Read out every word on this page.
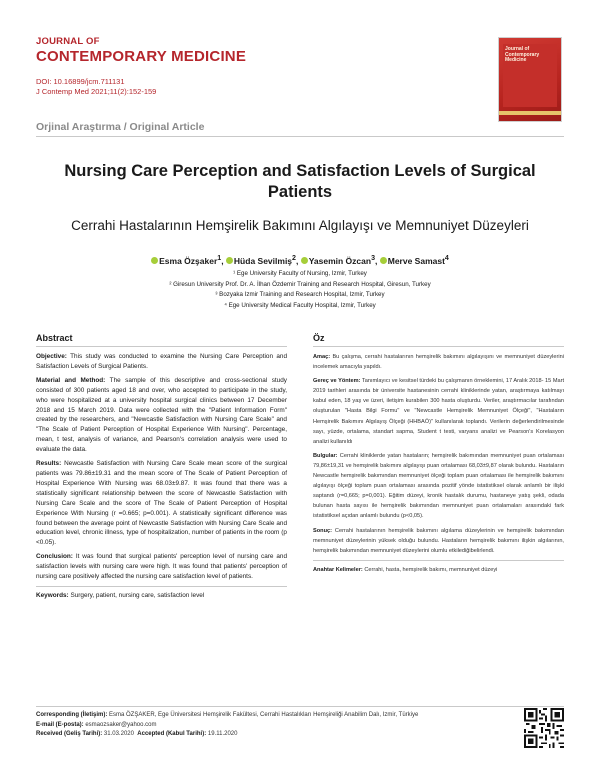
JOURNAL OF
CONTEMPORARY MEDICINE
DOI: 10.16899/jcm.711131
J Contemp Med 2021;11(2):152-159
Journal of
Contemporary
Medicine
Orjinal Araştırma / Original Article
Nursing Care Perception and Satisfaction Levels of Surgical Patients
Cerrahi Hastalarının Hemşirelik Bakımını Algılayışı ve Memnuniyet Düzeyleri
Esma Özşaker$^1$, Hüda Sevilmiş$^2$, Yasemin Özcan$^3$, Merve Samast$^4$
¹ Ege University Faculty of Nursing, Izmir, Turkey
² Giresun University Prof. Dr. A. İlhan Özdemir Training and Research Hospital, Giresun, Turkey
³ Bozyaka Izmir Training and Research Hospital, Izmir, Turkey
⁴ Ege University Medical Faculty Hospital, Izmir, Turkey
Abstract

Objective: This study was conducted to examine the Nursing Care Perception and Satisfaction Levels of Surgical Patients.

Material and Method: The sample of this descriptive and cross-sectional study consisted of 300 patients aged 18 and over, who accepted to participate in the study, who were hospitalized at a university hospital surgical clinics between 17 December 2018 and 15 March 2019. Data were collected with the "Patient Information Form" created by the researchers, and "Newcastle Satisfaction with Nursing Care Scale" and "The Scale of Patient Perception of Hospital Experience With Nursing". Percentage, mean, t test, analysis of variance, and Pearson's correlation analysis were used to evaluate the data.

Results: Newcastle Satisfaction with Nursing Care Scale mean score of the surgical patients was 79.86±19.31 and the mean score of The Scale of Patient Perception of Hospital Experience With Nursing was 68.03±9.87. It was found that there was a statistically significant relationship between the score of Newcastle Satisfaction with Nursing Care Scale and the score of The Scale of Patient Perception of Hospital Experience With Nursing (r =0.665; p=0.001). A statistically significant difference was found between the average point of Newcastle Satisfaction with Nursing Care Scale and education level, chronic illness, type of hospitalization, number of patients in the room (p <0.05).

Conclusion: It was found that surgical patients' perception level of nursing care and satisfaction levels with nursing care were high. It was found that patients' perception of nursing care positively affected the nursing care satisfaction level of patients.

Keywords: Surgery, patient, nursing care, satisfaction level

Öz

Amaç: Bu çalışma, cerrahi hastalarının hemşirelik bakımını algılayışını ve memnuniyet düzeylerini incelemek amacıyla yapıldı.

Gereç ve Yöntem: Tanımlayıcı ve kesitsel türdeki bu çalışmanın örneklemini, 17 Aralık 2018- 15 Mart 2019 tarihleri arasında bir üniversite hastanesinin cerrahi kliniklerinde yatan, araştırmaya katılmayı kabul eden, 18 yaş ve üzeri, iletişim kurabilen 300 hasta oluşturdu. Veriler, araştırmacılar tarafından oluşturulan "Hasta Bilgi Formu" ve "Newcastle Hemşirelik Memnuniyet Ölçeği", "Hastaların Hemşirelik Bakımını Algılayış Ölçeği (HHBAÖ)" kullanılarak toplandı. Verilerin değerlendirilmesinde sayı, yüzde, ortalama, standart sapma, Student t testi, varyans analizi ve Pearson's Korelasyon analizi kullanıldı

Bulgular: Cerrahi kliniklerde yatan hastaların; hemşirelik bakımından memnuniyet puan ortalaması 79,86±19,31 ve hemşirelik bakımını algılayışı puan ortalaması 68,03±9,87 olarak bulundu. Hastaların Newcastle hemşirelik bakımından memnuniyet ölçeği toplam puan ortalaması ile hemşirelik bakımını algılayışı ölçeği toplam puan ortalaması arasında pozitif yönde istatistiksel olarak anlamlı bir ilişki saptandı (r=0,665; p=0,001). Eğitim düzeyi, kronik hastalık durumu, hastaneye yatış şekli, odada bulunan hasta sayısı ile hemşirelik bakımından memnuniyet puan ortalamaları arasındaki fark istatistiksel açıdan anlamlı bulundu (p<0,05).

Sonuç: Cerrahi hastalarının hemşirelik bakımını algılama düzeylerinin ve hemşirelik bakımından memnuniyet düzeylerinin yüksek olduğu bulundu. Hastaların hemşirelik bakımını ilişkin algılarının, hemşirelik bakımından memnuniyet düzeylerini olumlu etkilediğibelirlendi.

Anahtar Kelimeler: Cerrahi, hasta, hemşirelik bakımı, memnuniyet düzeyi

Corresponding (İletişim): Esma ÖZŞAKER, Ege Üniversitesi Hemşirelik Fakültesi, Cerrahi Hastalıkları Hemşireliği Anabilim Dalı, Izmir, Türkiye
E-mail (E-posta): esmaozsaker@yahoo.com
Received (Geliş Tarihi): 31.03.2020 Accepted (Kabul Tarihi): 19.11.2020
